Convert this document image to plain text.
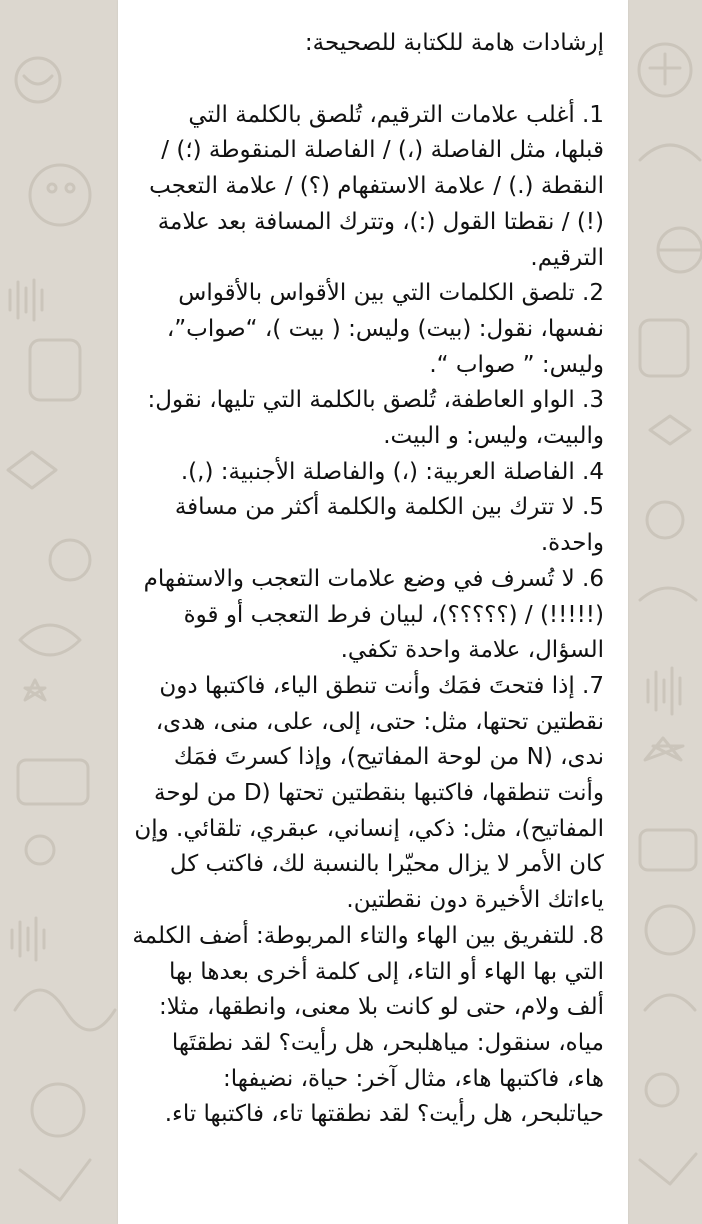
إرشادات هامة للكتابة للصحيحة:

1. أغلب علامات الترقيم، تُلصق بالكلمة التي قبلها، مثل الفاصلة (،) / الفاصلة المنقوطة (؛) / النقطة (.) / علامة الاستفهام (؟) / علامة التعجب (!) / نقطتا القول (:)، وتترك المسافة بعد علامة الترقيم.

2. تلصق الكلمات التي بين الأقواس بالأقواس نفسها، نقول: (بيت) وليس: ( بيت )، “صواب”، وليس: ” صواب “.

3. الواو العاطفة، تُلصق بالكلمة التي تليها، نقول: والبيت، وليس: و البيت.

4. الفاصلة العربية: (،) والفاصلة الأجنبية: (,).

5. لا تترك بين الكلمة والكلمة أكثر من مسافة واحدة.

6. لا تُسرف في وضع علامات التعجب والاستفهام (!!!!!) / (؟؟؟؟؟)، لبيان فرط التعجب أو قوة السؤال، علامة واحدة تكفي.

7. إذا فتحتَ فمَك وأنت تنطق الياء، فاكتبها دون نقطتين تحتها، مثل: حتى، إلى، على، منى، هدى، ندى، (N من لوحة المفاتيح)، وإذا كسرتَ فمَك وأنت تنطقها، فاكتبها بنقطتين تحتها (D من لوحة المفاتيح)، مثل: ذكي، إنساني، عبقري، تلقائي. وإن كان الأمر لا يزال محيّرا بالنسبة لك، فاكتب كل ياءاتك الأخيرة دون نقطتين.

8. للتفريق بين الهاء والتاء المربوطة: أضف الكلمة التي بها الهاء أو التاء، إلى كلمة أخرى بعدها بها ألف ولام، حتى لو كانت بلا معنى، وانطقها، مثلا: مياه، سنقول: مياهلبحر، هل رأيت؟ لقد نطقتَها هاء، فاكتبها هاء، مثال آخر: حياة، نضيفها: حياتلبحر، هل رأيت؟ لقد نطقتها تاء، فاكتبها تاء.
